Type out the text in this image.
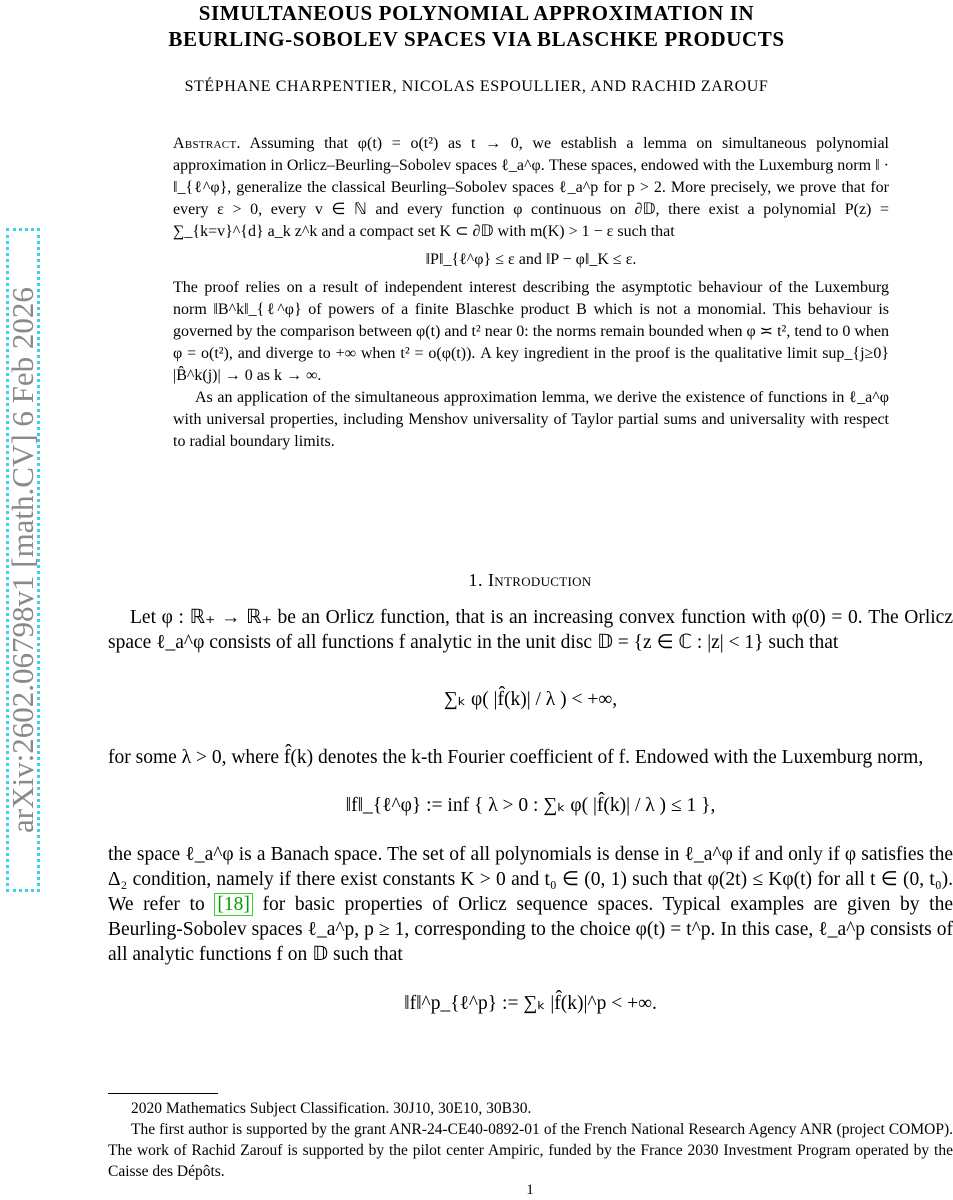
SIMULTANEOUS POLYNOMIAL APPROXIMATION IN
BEURLING-SOBOLEV SPACES VIA BLASCHKE PRODUCTS
STÉPHANE CHARPENTIER, NICOLAS ESPOULLIER, AND RACHID ZAROUF
arXiv:2602.06798v1 [math.CV] 6 Feb 2026

Abstract. Assuming that φ(t) = o(t²) as t → 0, we establish a lemma on simultaneous polynomial approximation in Orlicz–Beurling–Sobolev spaces ℓ_a^φ. These spaces, endowed with the Luxemburg norm ‖ · ‖_{ℓ^φ}, generalize the classical Beurling–Sobolev spaces ℓ_a^p for p > 2. More precisely, we prove that for every ε > 0, every v ∈ ℕ and every function φ continuous on ∂𝔻, there exist a polynomial P(z) = ∑_{k=v}^{d} a_k z^k and a compact set K ⊂ ∂𝔻 with m(K) > 1 − ε such that

‖P‖_{ℓ^φ} ≤ ε and ‖P − φ‖_K ≤ ε.

The proof relies on a result of independent interest describing the asymptotic behaviour of the Luxemburg norm ‖B^k‖_{ℓ^φ} of powers of a finite Blaschke product B which is not a monomial. This behaviour is governed by the comparison between φ(t) and t² near 0: the norms remain bounded when φ ≍ t², tend to 0 when φ = o(t²), and diverge to +∞ when t² = o(φ(t)). A key ingredient in the proof is the qualitative limit sup_{j≥0} |B̂^k(j)| → 0 as k → ∞.

As an application of the simultaneous approximation lemma, we derive the existence of functions in ℓ_a^φ with universal properties, including Menshov universality of Taylor partial sums and universality with respect to radial boundary limits.

1. Introduction

Let φ : ℝ₊ → ℝ₊ be an Orlicz function, that is an increasing convex function with φ(0) = 0. The Orlicz space ℓ_a^φ consists of all functions f analytic in the unit disc 𝔻 = {z ∈ ℂ : |z| < 1} such that

∑ₖ φ( |f̂(k)| / λ ) < +∞,

for some λ > 0, where f̂(k) denotes the k-th Fourier coefficient of f. Endowed with the Luxemburg norm,

‖f‖_{ℓ^φ} := inf { λ > 0 : ∑ₖ φ( |f̂(k)| / λ ) ≤ 1 },

the space ℓ_a^φ is a Banach space. The set of all polynomials is dense in ℓ_a^φ if and only if φ satisfies the Δ₂ condition, namely if there exist constants K > 0 and t₀ ∈ (0, 1) such that φ(2t) ≤ Kφ(t) for all t ∈ (0, t₀). We refer to [18] for basic properties of Orlicz sequence spaces. Typical examples are given by the Beurling-Sobolev spaces ℓ_a^p, p ≥ 1, corresponding to the choice φ(t) = t^p. In this case, ℓ_a^p consists of all analytic functions f on 𝔻 such that

‖f‖^p_{ℓ^p} := ∑ₖ |f̂(k)|^p < +∞.

2020 Mathematics Subject Classification. 30J10, 30E10, 30B30.

The first author is supported by the grant ANR-24-CE40-0892-01 of the French National Research Agency ANR (project COMOP). The work of Rachid Zarouf is supported by the pilot center Ampiric, funded by the France 2030 Investment Program operated by the Caisse des Dépôts.

1
